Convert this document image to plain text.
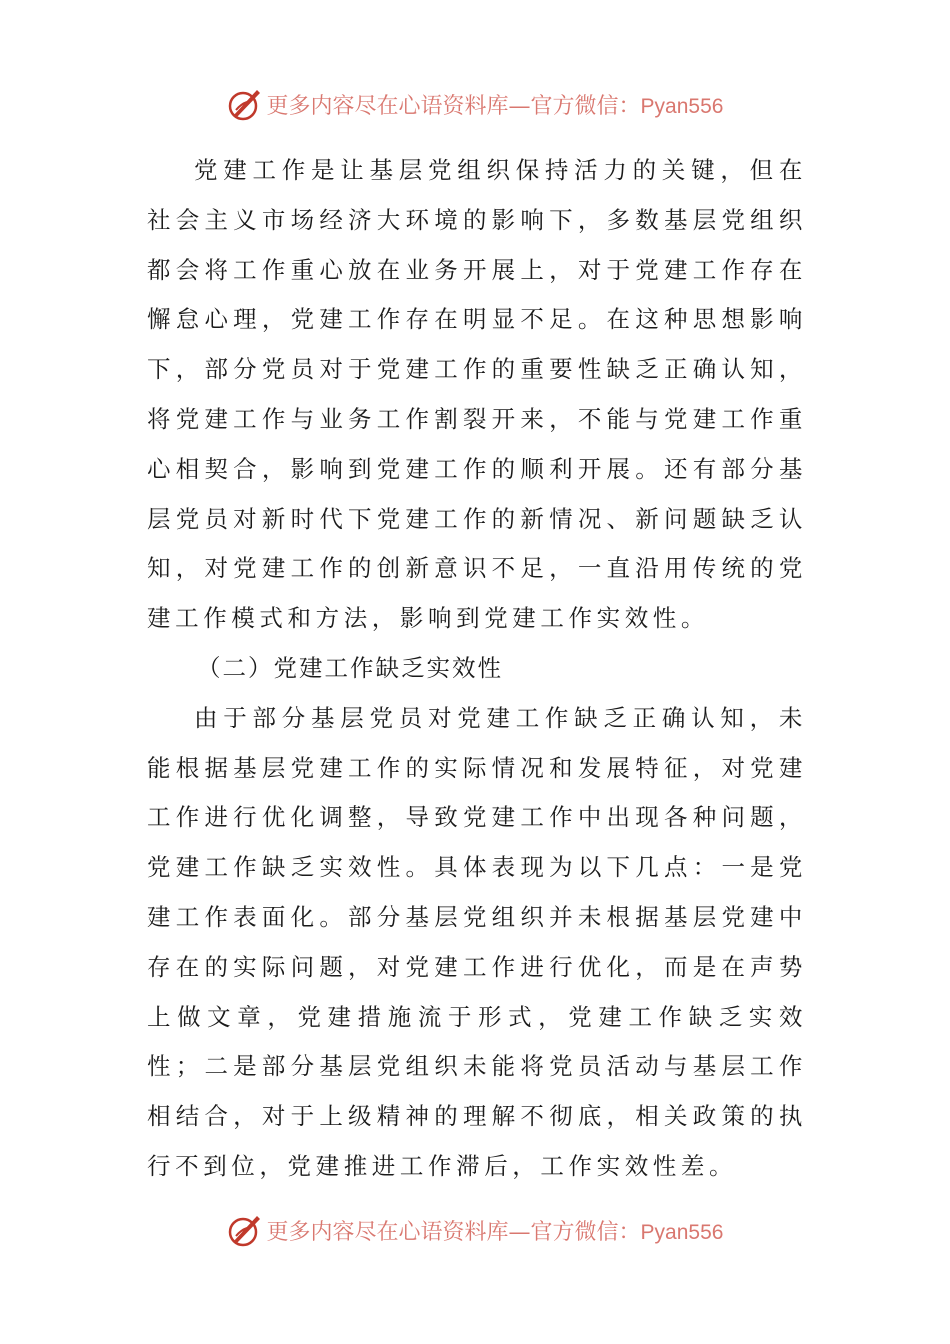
更多内容尽在心语资料库—官方微信：Pyan556

党建工作是让基层党组织保持活力的关键，但在社会主义市场经济大环境的影响下，多数基层党组织都会将工作重心放在业务开展上，对于党建工作存在懈怠心理，党建工作存在明显不足。在这种思想影响下，部分党员对于党建工作的重要性缺乏正确认知，将党建工作与业务工作割裂开来，不能与党建工作重心相契合，影响到党建工作的顺利开展。还有部分基层党员对新时代下党建工作的新情况、新问题缺乏认知，对党建工作的创新意识不足，一直沿用传统的党建工作模式和方法，影响到党建工作实效性。

（二）党建工作缺乏实效性

由于部分基层党员对党建工作缺乏正确认知，未能根据基层党建工作的实际情况和发展特征，对党建工作进行优化调整，导致党建工作中出现各种问题，党建工作缺乏实效性。具体表现为以下几点：一是党建工作表面化。部分基层党组织并未根据基层党建中存在的实际问题，对党建工作进行优化，而是在声势上做文章，党建措施流于形式，党建工作缺乏实效性；二是部分基层党组织未能将党员活动与基层工作相结合，对于上级精神的理解不彻底，相关政策的执行不到位，党建推进工作滞后，工作实效性差。

更多内容尽在心语资料库—官方微信：Pyan556
